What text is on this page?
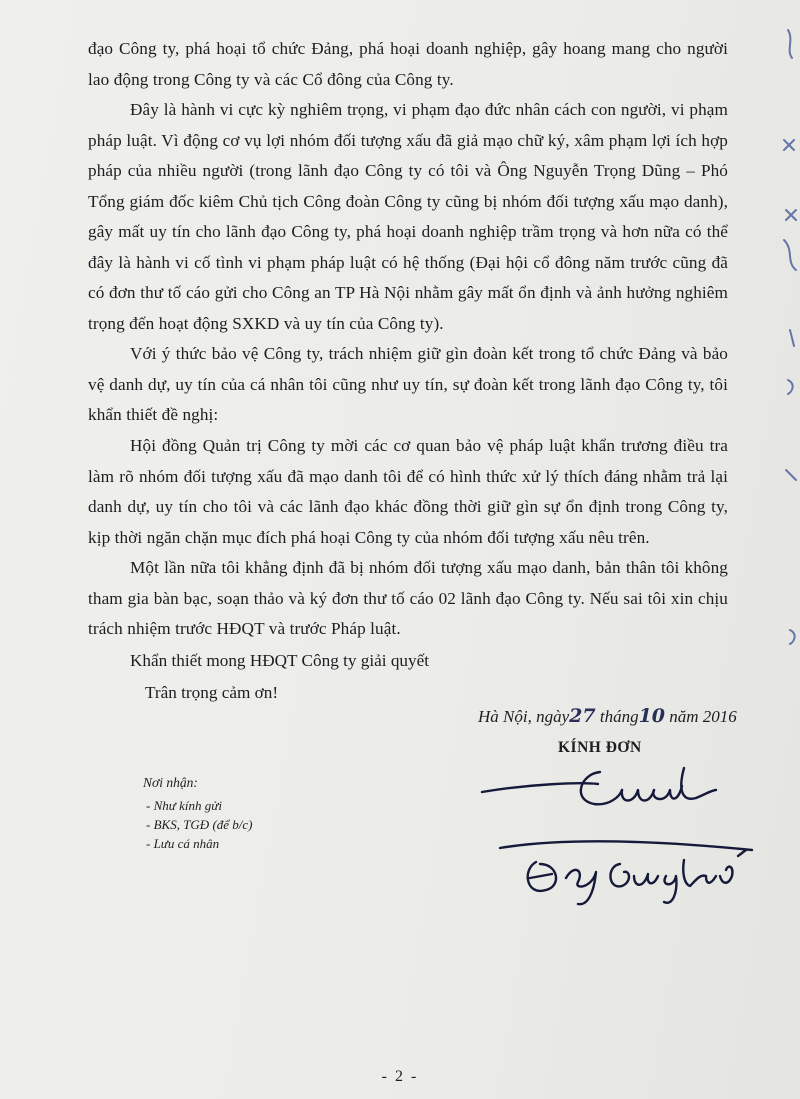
đạo Công ty, phá hoại tổ chức Đảng, phá hoại doanh nghiệp, gây hoang mang cho người lao động trong Công ty và các Cổ đông của Công ty.

Đây là hành vi cực kỳ nghiêm trọng, vi phạm đạo đức nhân cách con người, vi phạm pháp luật. Vì động cơ vụ lợi nhóm đối tượng xấu đã giả mạo chữ ký, xâm phạm lợi ích hợp pháp của nhiều người (trong lãnh đạo Công ty có tôi và Ông Nguyễn Trọng Dũng – Phó Tổng giám đốc kiêm Chủ tịch Công đoàn Công ty cũng bị nhóm đối tượng xấu mạo danh), gây mất uy tín cho lãnh đạo Công ty, phá hoại doanh nghiệp trầm trọng và hơn nữa có thể đây là hành vi cố tình vi phạm pháp luật có hệ thống (Đại hội cổ đông năm trước cũng đã có đơn thư tố cáo gửi cho Công an TP Hà Nội nhằm gây mất ổn định và ảnh hưởng nghiêm trọng đến hoạt động SXKD và uy tín của Công ty).

Với ý thức bảo vệ Công ty, trách nhiệm giữ gìn đoàn kết trong tổ chức Đảng và bảo vệ danh dự, uy tín của cá nhân tôi cũng như uy tín, sự đoàn kết trong lãnh đạo Công ty, tôi khẩn thiết đề nghị:

Hội đồng Quản trị Công ty mời các cơ quan bảo vệ pháp luật khẩn trương điều tra làm rõ nhóm đối tượng xấu đã mạo danh tôi để có hình thức xử lý thích đáng nhằm trả lại danh dự, uy tín cho tôi và các lãnh đạo khác đồng thời giữ gìn sự ổn định trong Công ty, kịp thời ngăn chặn mục đích phá hoại Công ty của nhóm đối tượng xấu nêu trên.

Một lần nữa tôi khẳng định đã bị nhóm đối tượng xấu mạo danh, bản thân tôi không tham gia bàn bạc, soạn thảo và ký đơn thư tố cáo 02 lãnh đạo Công ty. Nếu sai tôi xin chịu trách nhiệm trước HĐQT và trước Pháp luật.

Khẩn thiết mong HĐQT Công ty giải quyết
Trân trọng cảm ơn!
Hà Nội, ngày27 tháng10 năm 2016
KÍNH ĐƠN
Nơi nhận:
- Như kính gửi
- BKS, TGĐ (để b/c)
- Lưu cá nhân
- 2 -
